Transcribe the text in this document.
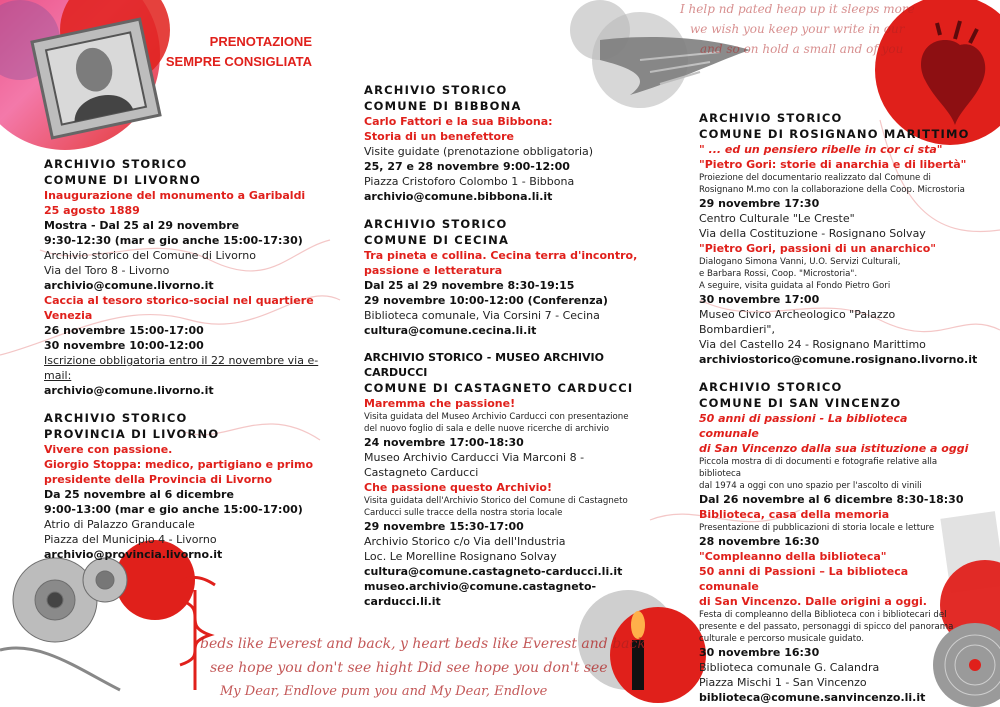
beds like Everest and back, y heart beds like Everest and back
see hope you don't see hight Did see hope you don't see
My Dear, Endlove pum you and My Dear, Endlove
I help nd pated heap up it sleeps more
we wish you keep your write in our
and so on hold a small and of you
PRENOTAZIONE
SEMPRE CONSIGLIATA
ARCHIVIO STORICO
COMUNE DI LIVORNO
Inaugurazione del monumento a Garibaldi
25 agosto 1889
Mostra - Dal 25 al 29 novembre
9:30-12:30 (mar e gio anche 15:00-17:30)
Archivio storico del Comune di Livorno
Via del Toro 8 - Livorno
archivio@comune.livorno.it
Caccia al tesoro storico-social nel quartiere
Venezia
26 novembre 15:00-17:00
30 novembre 10:00-12:00
Iscrizione obbligatoria entro il 22 novembre via e-mail:
archivio@comune.livorno.it
ARCHIVIO STORICO
PROVINCIA DI LIVORNO
Vivere con passione.
Giorgio Stoppa: medico, partigiano e primo
presidente della Provincia di Livorno
Da 25 novembre al 6 dicembre
9:00-13:00 (mar e gio anche 15:00-17:00)
Atrio di Palazzo Granducale
Piazza del Municipio 4 - Livorno
archivio@provincia.livorno.it
ARCHIVIO STORICO
COMUNE DI BIBBONA
Carlo Fattori e la sua Bibbona:
Storia di un benefettore
Visite guidate (prenotazione obbligatoria)
25, 27 e 28 novembre 9:00-12:00
Piazza Cristoforo Colombo 1 - Bibbona
archivio@comune.bibbona.li.it
ARCHIVIO STORICO
COMUNE DI CECINA
Tra pineta e collina. Cecina terra d'incontro,
passione e letteratura
Dal 25 al 29 novembre 8:30-19:15
29 novembre 10:00-12:00 (Conferenza)
Biblioteca comunale, Via Corsini 7 - Cecina
cultura@comune.cecina.li.it
ARCHIVIO STORICO - MUSEO ARCHIVIO CARDUCCI
COMUNE DI CASTAGNETO CARDUCCI
Maremma che passione!
Visita guidata del Museo Archivio Carducci con presentazione
del nuovo foglio di sala e delle nuove ricerche di archivio
24 novembre 17:00-18:30
Museo Archivio Carducci Via Marconi 8 -
Castagneto Carducci
Che passione questo Archivio!
Visita guidata dell'Archivio Storico del Comune di Castagneto
Carducci sulle tracce della nostra storia locale
29 novembre 15:30-17:00
Archivio Storico c/o Via dell'Industria
Loc. Le Morelline Rosignano Solvay
cultura@comune.castagneto-carducci.li.it
museo.archivio@comune.castagneto-carducci.li.it
ARCHIVIO STORICO
COMUNE DI ROSIGNANO MARITTIMO
" ... ed un pensiero ribelle in cor ci sta"
"Pietro Gori: storie di anarchia e di libertà"
Proiezione del documentario realizzato dal Comune di
Rosignano M.mo con la collaborazione della Coop. Microstoria
29 novembre 17:30
Centro Culturale "Le Creste"
Via della Costituzione - Rosignano Solvay
"Pietro Gori, passioni di un anarchico"
Dialogano Simona Vanni, U.O. Servizi Culturali,
e Barbara Rossi, Coop. "Microstoria".
A seguire, visita guidata al Fondo Pietro Gori
30 novembre 17:00
Museo Civico Archeologico "Palazzo Bombardieri",
Via del Castello 24 - Rosignano Marittimo
archiviostorico@comune.rosignano.livorno.it
ARCHIVIO STORICO
COMUNE DI SAN VINCENZO
50 anni di passioni - La biblioteca comunale
di San Vincenzo dalla sua istituzione a oggi
Piccola mostra di di documenti e fotografie relative alla biblioteca
dal 1974 a oggi con uno spazio per l'ascolto di vinili
Dal 26 novembre al 6 dicembre 8:30-18:30
Biblioteca, casa della memoria
Presentazione di pubblicazioni di storia locale e letture
28 novembre 16:30
"Compleanno della biblioteca"
50 anni di Passioni – La biblioteca comunale
di San Vincenzo. Dalle origini a oggi.
Festa di compleanno della Biblioteca con i bibliotecari del
presente e del passato, personaggi di spicco del panorama
culturale e percorso musicale guidato.
30 novembre 16:30
Biblioteca comunale G. Calandra
Piazza Mischi 1 - San Vincenzo
biblioteca@comune.sanvincenzo.li.it
